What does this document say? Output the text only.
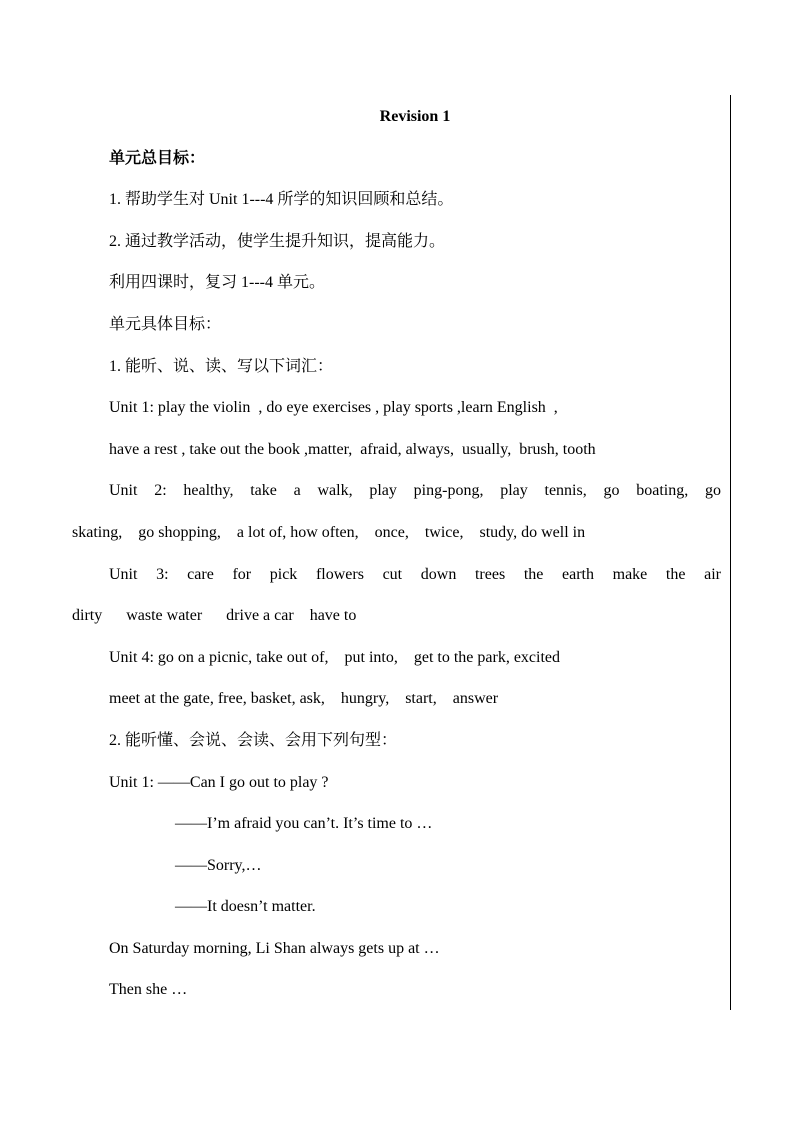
Revision 1
单元总目标：
1. 帮助学生对 Unit 1---4 所学的知识回顾和总结。
2. 通过教学活动，使学生提升知识，提高能力。
利用四课时，复习 1---4 单元。
单元具体目标：
1. 能听、说、读、写以下词汇：
Unit 1: play the violin  , do eye exercises , play sports ,learn English  ,
have a rest , take out the book ,matter,  afraid, always,  usually,  brush, tooth
Unit 2: healthy, take a walk, play ping-pong, play tennis, go boating, go
skating,    go shopping,    a lot of, how often,    once,    twice,    study, do well in
Unit 3: care for pick flowers cut down trees the earth make the air
dirty      waste water      drive a car    have to
Unit 4: go on a picnic, take out of,    put into,    get to the park, excited
meet at the gate, free, basket, ask,    hungry,    start,    answer
2. 能听懂、会说、会读、会用下列句型：
Unit 1: ——Can I go out to play ?
——I’m afraid you can’t. It’s time to …
——Sorry,…
——It doesn’t matter.
On Saturday morning, Li Shan always gets up at …
Then she …
